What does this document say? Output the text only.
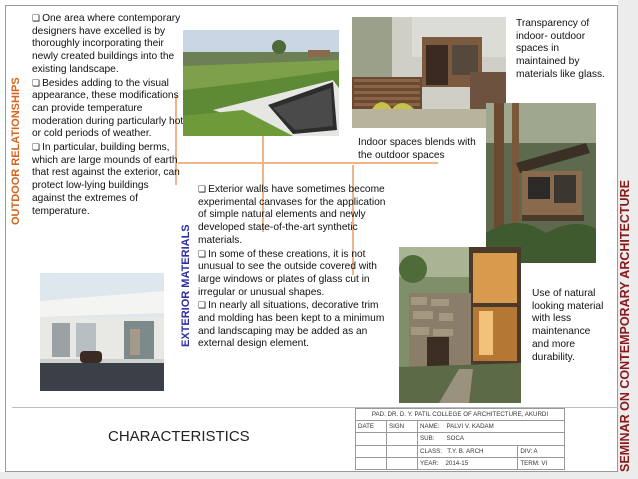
OUTDOOR RELATIONSHIPS
EXTERIOR MATERIALS	SEMINAR ON CONTEMPORARY ARCHITECTURE

❏ One area where contemporary designers have excelled is by thoroughly incorporating their newly created buildings into the existing landscape.

❏ Besides adding to the visual appearance, these modifications can provide temperature moderation during particularly hot or cold periods of weather.

❏ In particular, building berms, which are large mounds of earth that rest against the exterior, can protect low-lying buildings against the extremes of temperature.

❏ Exterior walls have sometimes become experimental canvases for the application of simple natural elements and newly developed state-of-the-art synthetic materials.

❏ In some of these creations, it is not unusual to see the outside covered with large windows or plates of glass cut in irregular or unusual shapes.

❏ In nearly all situations, decorative trim and molding has been kept to a minimum and landscaping may be added as an external design element.

Transparency of indoor- outdoor spaces in maintained by materials like glass.
Indoor spaces blends with the outdoor spaces
Use of natural looking material with less maintenance and more durability.
CHARACTERISTICS
PAD. DR. D. Y. PATIL COLLEGE OF ARCHITECTURE, AKURDI			
DATE	SIGN	NAME: PALVI V. KADAM	
		SUB: SOCA	
		CLASS: T.Y. B. ARCH	DIV: A
		YEAR: 2014-15	TERM: VI
